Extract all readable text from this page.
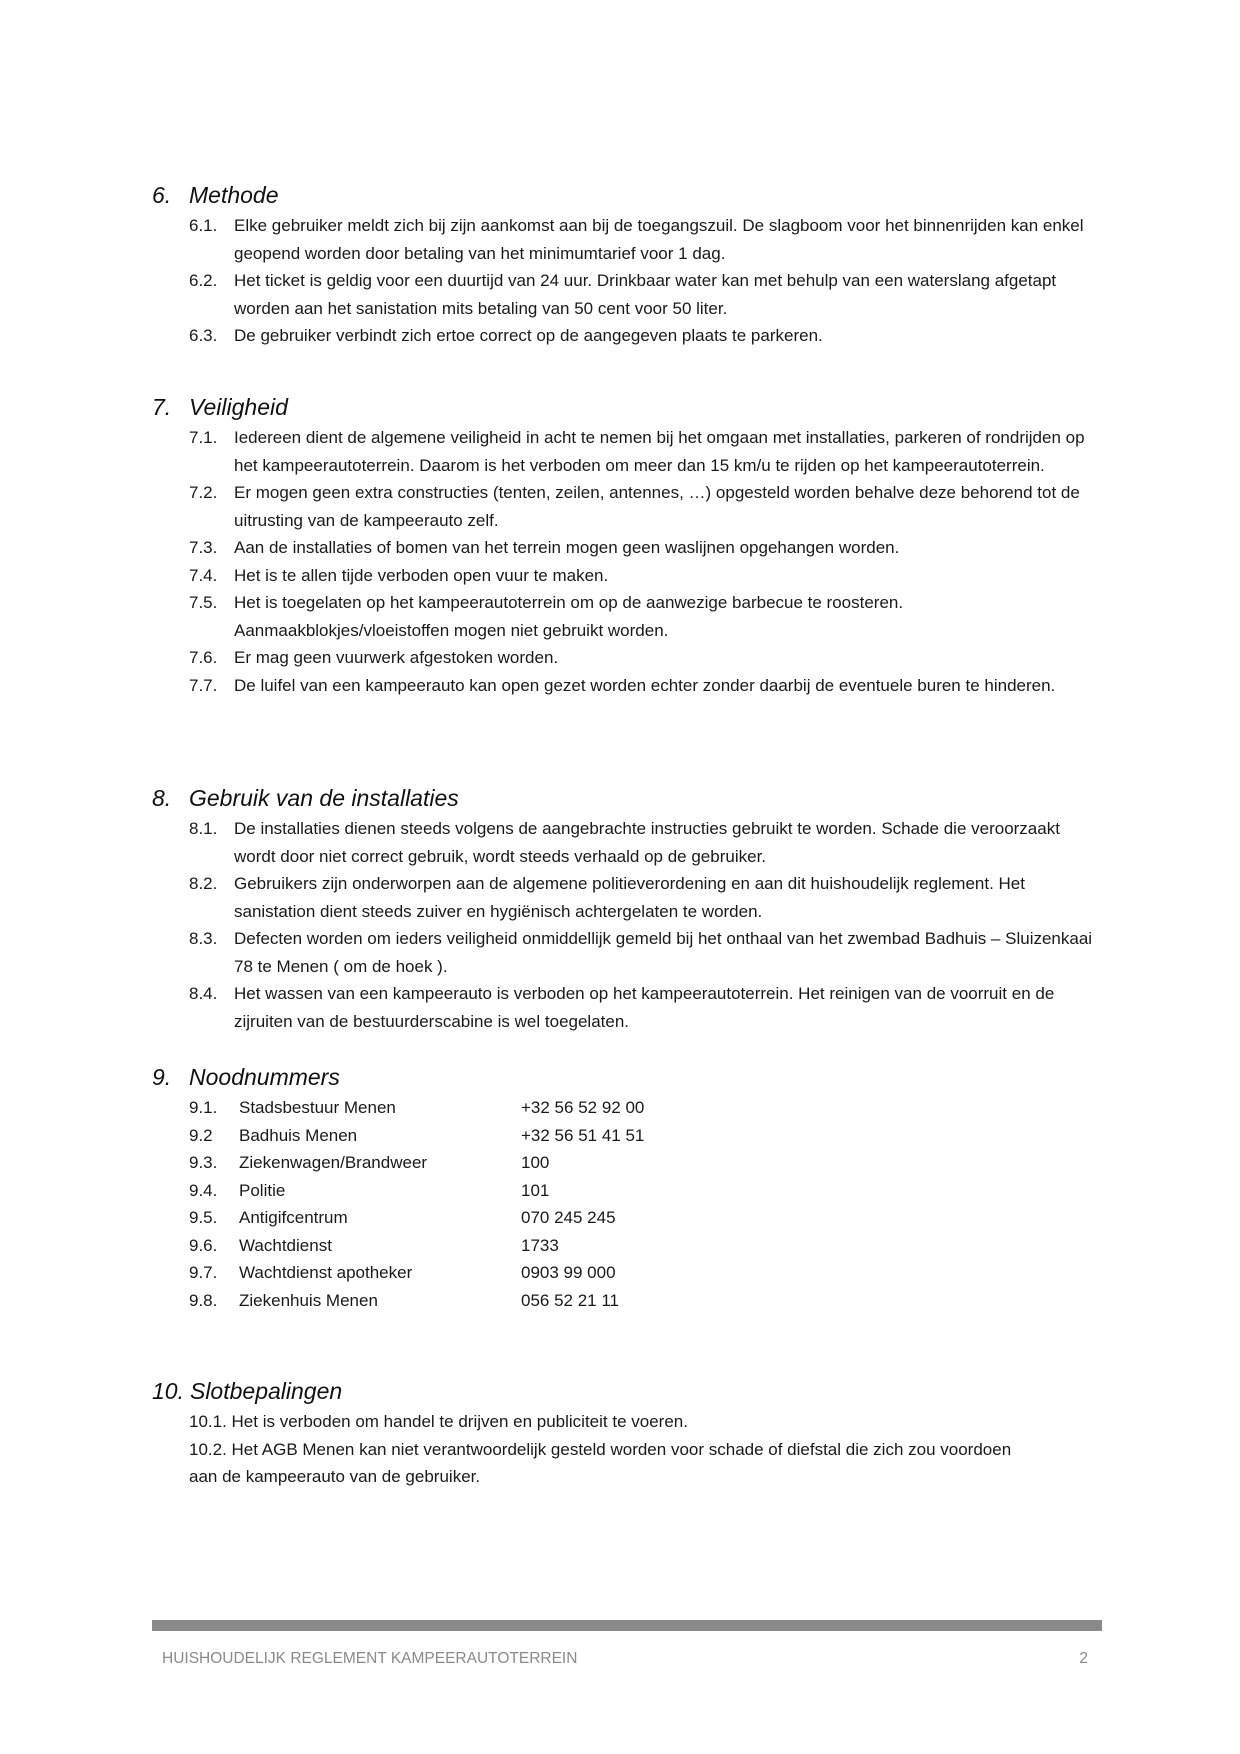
6. Methode
6.1. Elke gebruiker meldt zich bij zijn aankomst aan bij de toegangszuil. De slagboom voor het binnenrijden kan enkel geopend worden door betaling van het minimumtarief voor 1 dag.
6.2. Het ticket is geldig voor een duurtijd van 24 uur. Drinkbaar water kan met behulp van een waterslang afgetapt worden aan het sanistation mits betaling van 50 cent voor 50 liter.
6.3. De gebruiker verbindt zich ertoe correct op de aangegeven plaats te parkeren.
7. Veiligheid
7.1. Iedereen dient de algemene veiligheid in acht te nemen bij het omgaan met installaties, parkeren of rondrijden op het kampeerautoterrein. Daarom is het verboden om meer dan 15 km/u te rijden op het kampeerautoterrein.
7.2. Er mogen geen extra constructies (tenten, zeilen, antennes, …) opgesteld worden behalve deze behorend tot de uitrusting van de kampeerauto zelf.
7.3. Aan de installaties of bomen van het terrein mogen geen waslijnen opgehangen worden.
7.4. Het is te allen tijde verboden open vuur te maken.
7.5. Het is toegelaten op het kampeerautoterrein om op de aanwezige barbecue te roosteren. Aanmaakblokjes/vloeistoffen mogen niet gebruikt worden.
7.6. Er mag geen vuurwerk afgestoken worden.
7.7. De luifel van een kampeerauto kan open gezet worden echter zonder daarbij de eventuele buren te hinderen.
8. Gebruik van de installaties
8.1. De installaties dienen steeds volgens de aangebrachte instructies gebruikt te worden. Schade die veroorzaakt wordt door niet correct gebruik, wordt steeds verhaald op de gebruiker.
8.2. Gebruikers zijn onderworpen aan de algemene politieverordening en aan dit huishoudelijk reglement. Het sanistation dient steeds zuiver en hygiënisch achtergelaten te worden.
8.3. Defecten worden om ieders veiligheid onmiddellijk gemeld bij het onthaal van het zwembad Badhuis – Sluizenkaai 78 te Menen ( om de hoek ).
8.4. Het wassen van een kampeerauto is verboden op het kampeerautoterrein. Het reinigen van de voorruit en de zijruiten van de bestuurderscabine is wel toegelaten.
9. Noodnummers
9.1.	Stadsbestuur Menen	+32 56 52 92 00
9.2	Badhuis Menen	+32 56 51 41 51
9.3.	Ziekenwagen/Brandweer	100
9.4.	Politie	101
9.5.	Antigifcentrum	070 245 245
9.6.	Wachtdienst	1733
9.7.	Wachtdienst apotheker	0903 99 000
9.8.	Ziekenhuis Menen	056 52 21 11
10. Slotbepalingen
10.1. Het is verboden om handel te drijven en publiciteit te voeren.
10.2. Het AGB Menen kan niet verantwoordelijk gesteld worden voor schade of diefstal die zich zou voordoen aan de kampeerauto van de gebruiker.
HUISHOUDELIJK REGLEMENT KAMPEERAUTOTERREIN	2
